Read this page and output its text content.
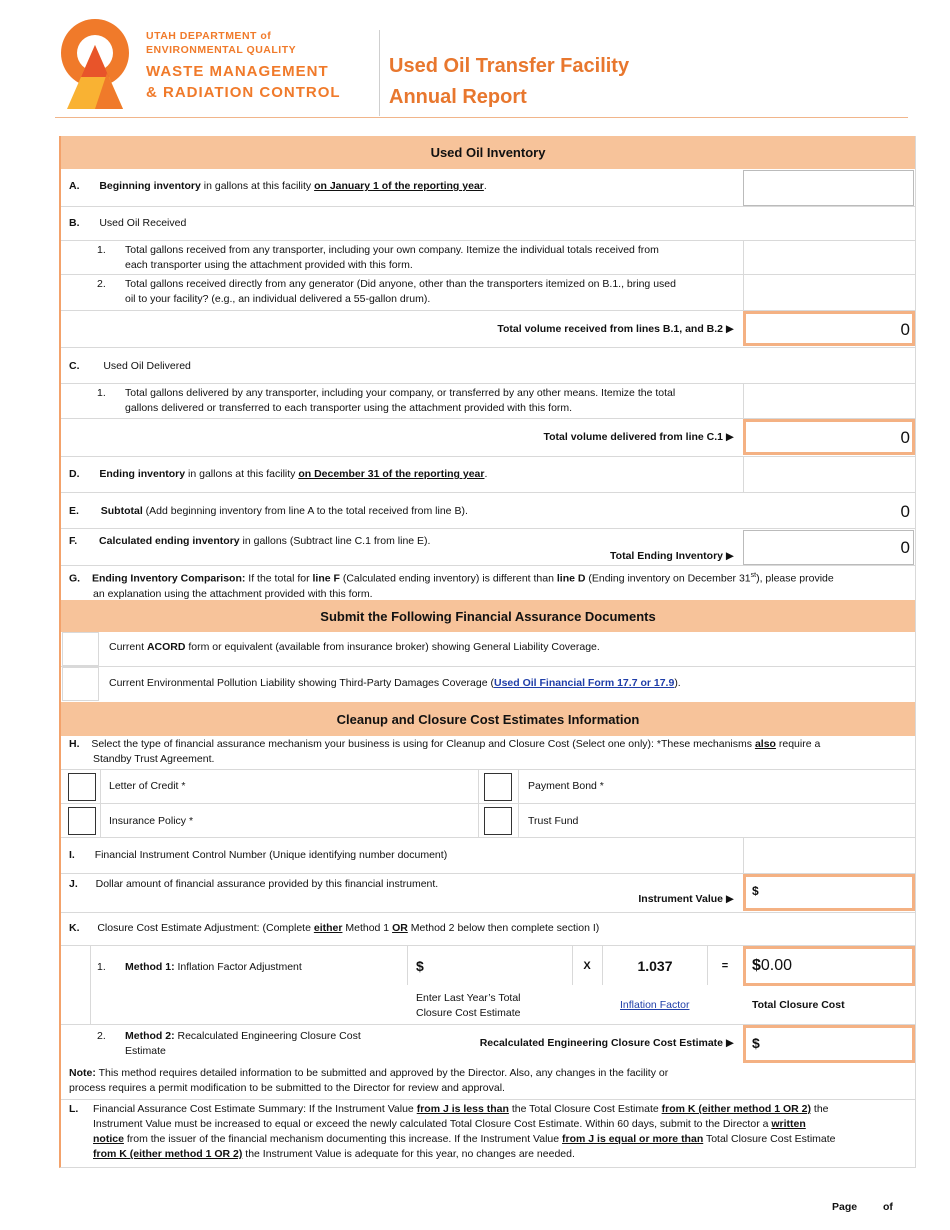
UTAH DEPARTMENT of
ENVIRONMENTAL QUALITY
WASTE MANAGEMENT
& RADIATION CONTROL
Used Oil Transfer Facility
Annual Report
Used Oil Inventory
A. Beginning inventory in gallons at this facility on January 1 of the reporting year.
B. Used Oil Received
1. Total gallons received from any transporter, including your own company. Itemize the individual totals received from
each transporter using the attachment provided with this form.
2. Total gallons received directly from any generator (Did anyone, other than the transporters itemized on B.1., bring used
oil to your facility? (e.g., an individual delivered a 55-gallon drum).
Total volume received from lines B.1, and B.2 ▶	0
C. Used Oil Delivered
1. Total gallons delivered by any transporter, including your company, or transferred by any other means. Itemize the total
gallons delivered or transferred to each transporter using the attachment provided with this form.
Total volume delivered from line C.1 ▶	0
D. Ending inventory in gallons at this facility on December 31 of the reporting year.
E. Subtotal (Add beginning inventory from line A to the total received from line B).	0
F. Calculated ending inventory in gallons (Subtract line C.1 from line E).
Total Ending Inventory ▶	0
G. Ending Inventory Comparison: If the total for line F (Calculated ending inventory) is different than line D (Ending inventory on December 31st), please provide
an explanation using the attachment provided with this form.
Submit the Following Financial Assurance Documents
Current ACORD form or equivalent (available from insurance broker) showing General Liability Coverage.
Current Environmental Pollution Liability showing Third-Party Damages Coverage (Used Oil Financial Form 17.7 or 17.9).
Cleanup and Closure Cost Estimates Information
H. Select the type of financial assurance mechanism your business is using for Cleanup and Closure Cost (Select one only): *These mechanisms also require a
Standby Trust Agreement.
Letter of Credit *	Payment Bond *
Insurance Policy *	Trust Fund
I. Financial Instrument Control Number (Unique identifying number document)
J. Dollar amount of financial assurance provided by this financial instrument.
Instrument Value ▶
$
K. Closure Cost Estimate Adjustment: (Complete either Method 1 OR Method 2 below then complete section I)
1. Method 1: Inflation Factor Adjustment	$	X	1.037	=	$0.00
Enter Last Year’s Total
Closure Cost Estimate
Inflation Factor	Total Closure Cost
2. Method 2: Recalculated Engineering Closure Cost
Estimate
Recalculated Engineering Closure Cost Estimate ▶ $
Note: This method requires detailed information to be submitted and approved by the Director. Also, any changes in the facility or
process requires a permit modification to be submitted to the Director for review and approval.
L. Financial Assurance Cost Estimate Summary: If the Instrument Value from J is less than the Total Closure Cost Estimate from K (either method 1 OR 2) the
Instrument Value must be increased to equal or exceed the newly calculated Total Closure Cost Estimate. Within 60 days, submit to the Director a written
notice from the issuer of the financial mechanism documenting this increase. If the Instrument Value from J is equal or more than Total Closure Cost Estimate
from K (either method 1 OR 2) the Instrument Value is adequate for this year, no changes are needed.
Page of
